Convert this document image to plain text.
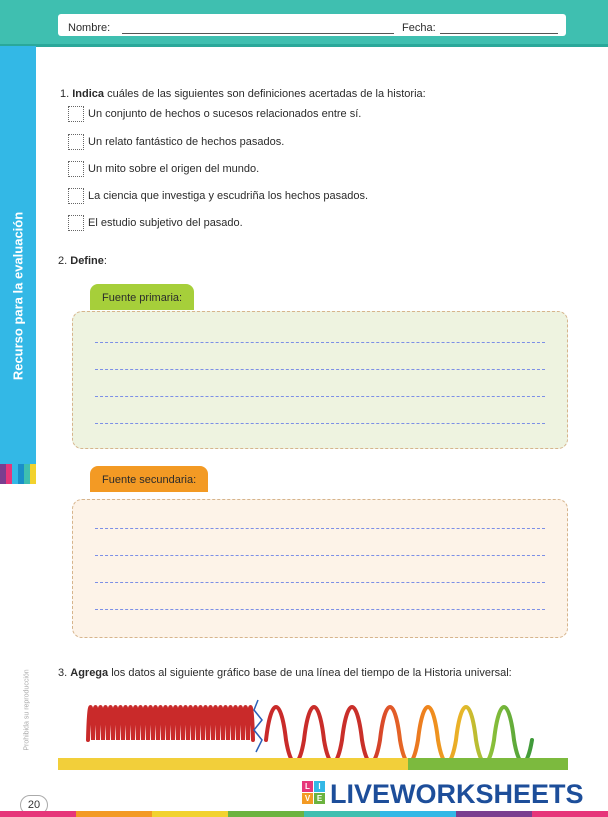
Nombre:	Fecha:
Recurso para la evaluación
1. Indica cuáles de las siguientes son definiciones acertadas de la historia:
Un conjunto de hechos o sucesos relacionados entre sí.
Un relato fantástico de hechos pasados.
Un mito sobre el origen del mundo.
La ciencia que investiga y escudriña los hechos pasados.
El estudio subjetivo del pasado.
2. Define:
Fuente primaria:
Fuente secundaria:
3. Agrega los datos al siguiente gráfico base de una línea del tiempo de la Historia universal:
Prohibida su reproducción
20
L	I
V E LIVEWORKSHEETS
